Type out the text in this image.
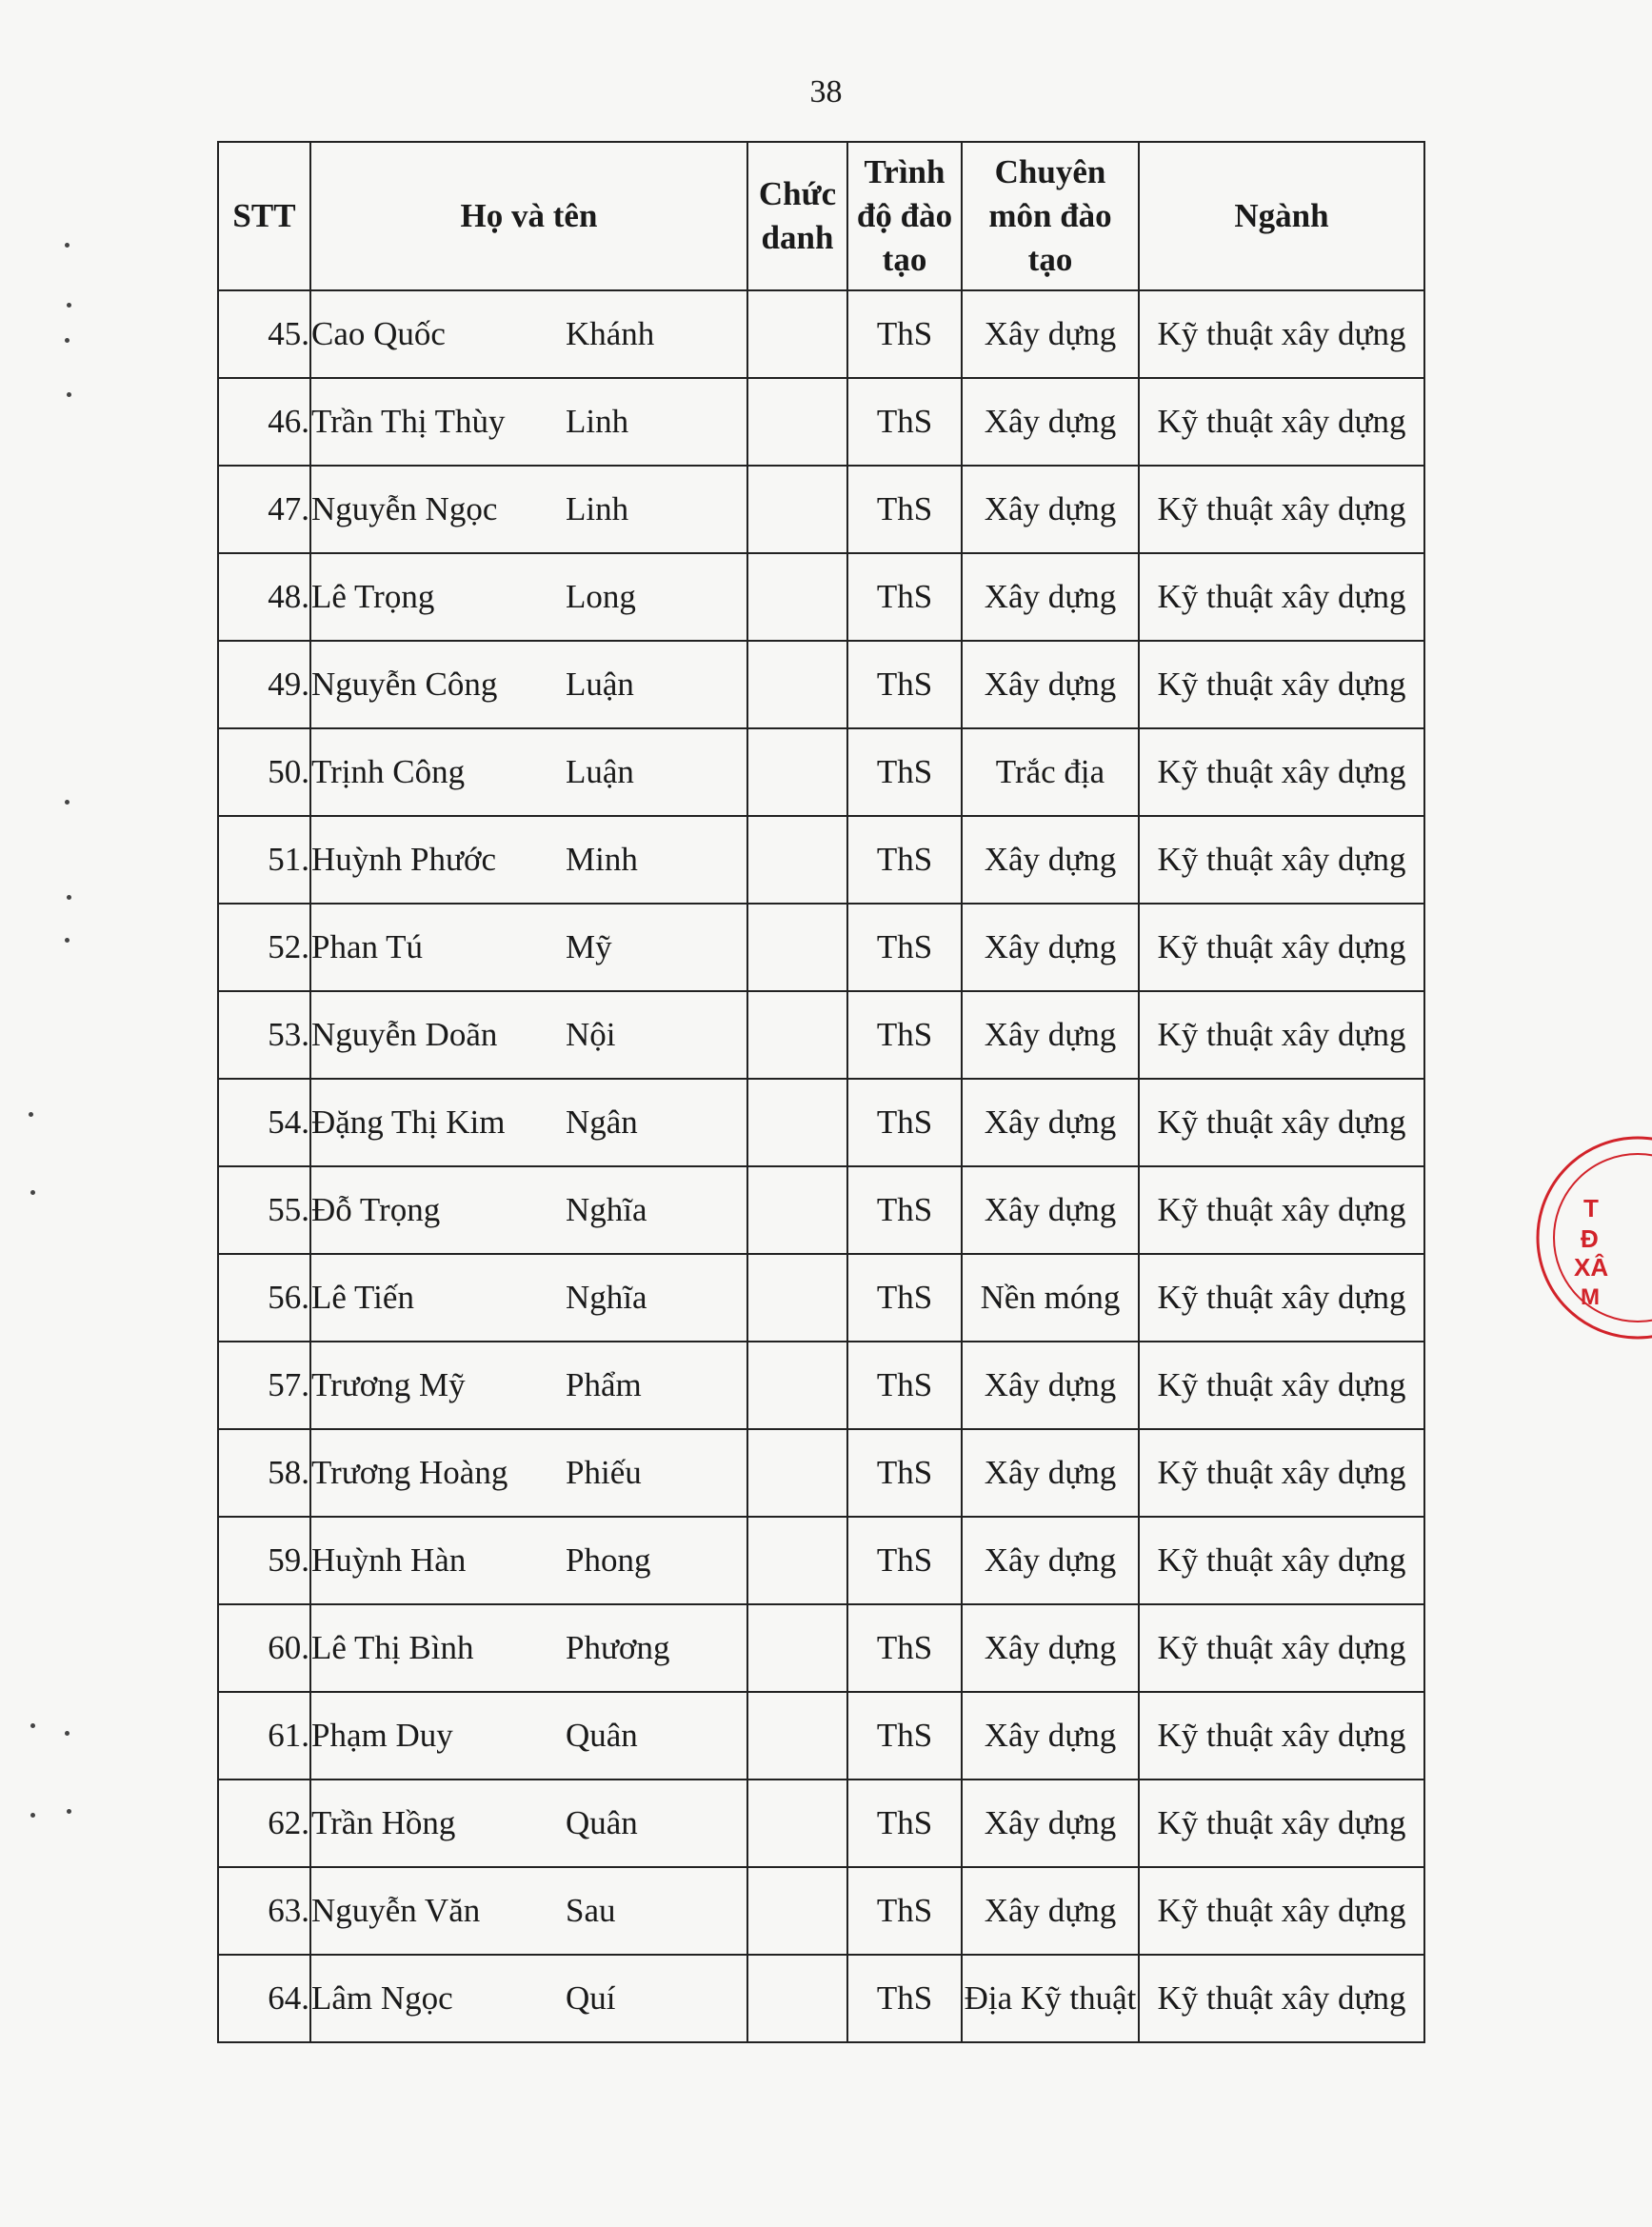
38
STT	Họ và tên	Chức danh	Trình độ đào tạo	Chuyên môn đào tạo	Ngành
45.	Cao Quốc Khánh		ThS	Xây dựng	Kỹ thuật xây dựng
46.	Trần Thị Thùy Linh		ThS	Xây dựng	Kỹ thuật xây dựng
47.	Nguyễn Ngọc Linh		ThS	Xây dựng	Kỹ thuật xây dựng
48.	Lê Trọng Long		ThS	Xây dựng	Kỹ thuật xây dựng
49.	Nguyễn Công Luận		ThS	Xây dựng	Kỹ thuật xây dựng
50.	Trịnh Công Luận		ThS	Trắc địa	Kỹ thuật xây dựng
51.	Huỳnh Phước Minh		ThS	Xây dựng	Kỹ thuật xây dựng
52.	Phan Tú Mỹ		ThS	Xây dựng	Kỹ thuật xây dựng
53.	Nguyễn Doãn Nội		ThS	Xây dựng	Kỹ thuật xây dựng
54.	Đặng Thị Kim Ngân		ThS	Xây dựng	Kỹ thuật xây dựng
55.	Đỗ Trọng Nghĩa		ThS	Xây dựng	Kỹ thuật xây dựng
56.	Lê Tiến Nghĩa		ThS	Nền móng	Kỹ thuật xây dựng
57.	Trương Mỹ Phẩm		ThS	Xây dựng	Kỹ thuật xây dựng
58.	Trương Hoàng Phiếu		ThS	Xây dựng	Kỹ thuật xây dựng
59.	Huỳnh Hàn Phong		ThS	Xây dựng	Kỹ thuật xây dựng
60.	Lê Thị Bình Phương		ThS	Xây dựng	Kỹ thuật xây dựng
61.	Phạm Duy Quân		ThS	Xây dựng	Kỹ thuật xây dựng
62.	Trần Hồng Quân		ThS	Xây dựng	Kỹ thuật xây dựng
63.	Nguyễn Văn Sau		ThS	Xây dựng	Kỹ thuật xây dựng
64.	Lâm Ngọc Quí		ThS	Địa Kỹ thuật	Kỹ thuật xây dựng
T
Đ
XÂ
M
